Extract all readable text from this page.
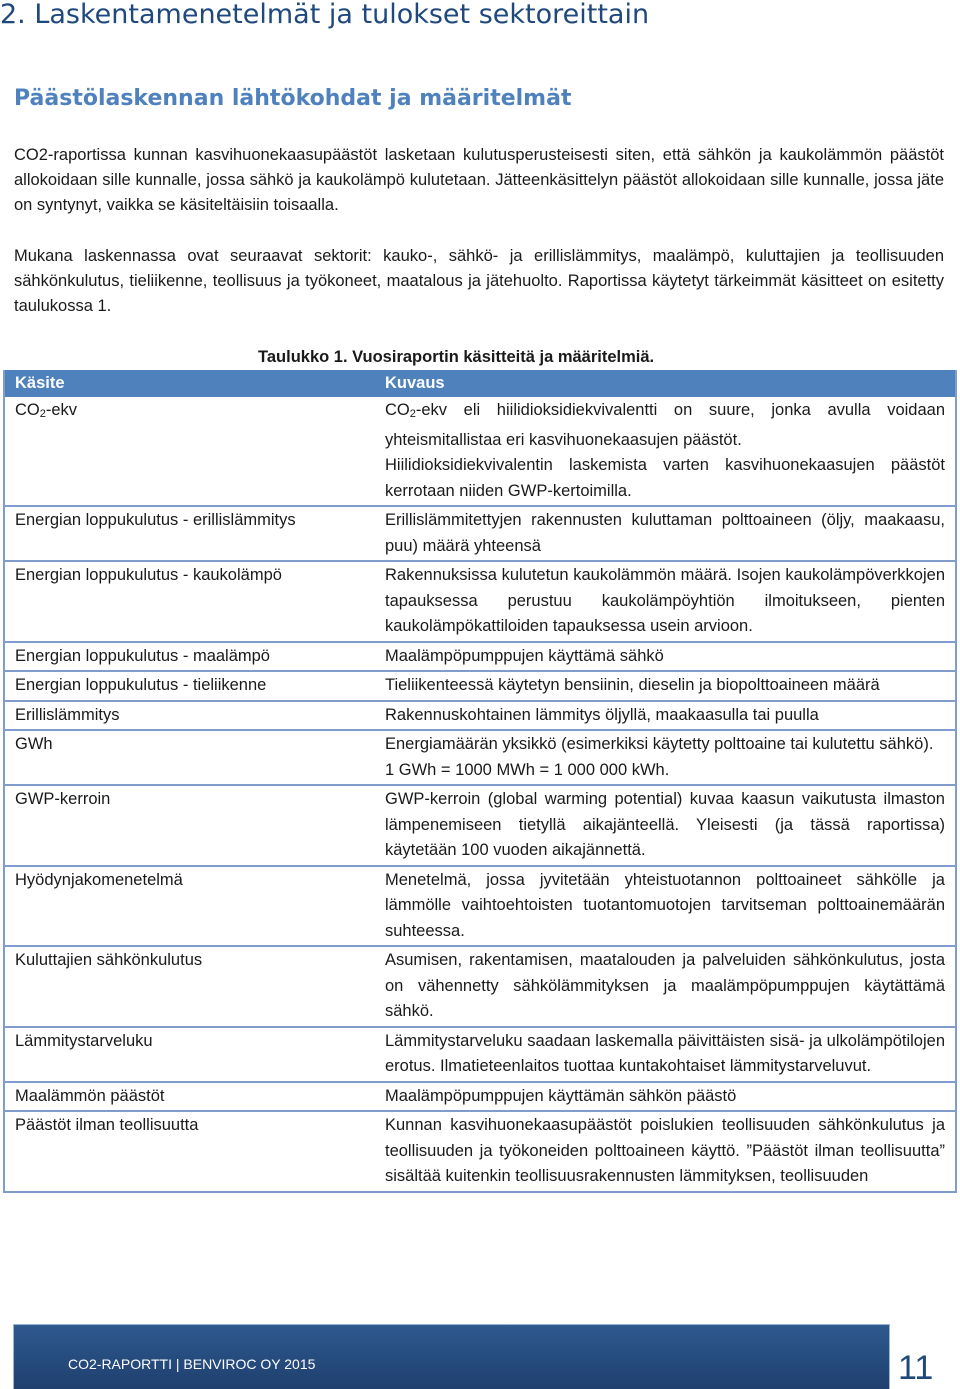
2. Laskentamenetelmät ja tulokset sektoreittain
Päästölaskennan lähtökohdat ja määritelmät

CO2-raportissa kunnan kasvihuonekaasupäästöt lasketaan kulutusperusteisesti siten, että sähkön ja kaukolämmön päästöt allokoidaan sille kunnalle, jossa sähkö ja kaukolämpö kulutetaan. Jätteenkäsittelyn päästöt allokoidaan sille kunnalle, jossa jäte on syntynyt, vaikka se käsiteltäisiin toisaalla.

Mukana laskennassa ovat seuraavat sektorit: kauko-, sähkö- ja erillislämmitys, maalämpö, kuluttajien ja teollisuuden sähkönkulutus, tieliikenne, teollisuus ja työkoneet, maatalous ja jätehuolto. Raportissa käytetyt tärkeimmät käsitteet on esitetty taulukossa 1.

Taulukko 1. Vuosiraportin käsitteitä ja määritelmiä.
Käsite	Kuvaus
CO2-ekv	CO2-ekv eli hiilidioksidiekvivalentti on suure, jonka avulla voidaan yhteismitallistaa eri kasvihuonekaasujen päästöt.
Hiilidioksidiekvivalentin laskemista varten kasvihuonekaasujen päästöt kerrotaan niiden GWP-kertoimilla.

Energian loppukulutus - erillislämmitys	Erillislämmitettyjen rakennusten kuluttaman polttoaineen (öljy, maakaasu, puu) määrä yhteensä
Energian loppukulutus - kaukolämpö	Rakennuksissa kulutetun kaukolämmön määrä. Isojen kaukolämpöverkkojen tapauksessa perustuu kaukolämpöyhtiön ilmoitukseen, pienten kaukolämpökattiloiden tapauksessa usein arvioon.
Energian loppukulutus - maalämpö	Maalämpöpumppujen käyttämä sähkö
Energian loppukulutus - tieliikenne	Tieliikenteessä käytetyn bensiinin, dieselin ja biopolttoaineen määrä
Erillislämmitys	Rakennuskohtainen lämmitys öljyllä, maakaasulla tai puulla
GWh	Energiamäärän yksikkö (esimerkiksi käytetty polttoaine tai kulutettu sähkö).
1 GWh = 1000 MWh = 1 000 000 kWh.

GWP-kerroin	GWP-kerroin (global warming potential) kuvaa kaasun vaikutusta ilmaston lämpenemiseen tietyllä aikajänteellä. Yleisesti (ja tässä raportissa) käytetään 100 vuoden aikajännettä.
Hyödynjakomenetelmä	Menetelmä, jossa jyvitetään yhteistuotannon polttoaineet sähkölle ja lämmölle vaihtoehtoisten tuotantomuotojen tarvitseman polttoainemäärän suhteessa.
Kuluttajien sähkönkulutus	Asumisen, rakentamisen, maatalouden ja palveluiden sähkönkulutus, josta on vähennetty sähkölämmityksen ja maalämpöpumppujen käytättämä sähkö.
Lämmitystarveluku	Lämmitystarveluku saadaan laskemalla päivittäisten sisä- ja ulkolämpötilojen erotus. Ilmatieteenlaitos tuottaa kuntakohtaiset lämmitystarveluvut.
Maalämmön päästöt	Maalämpöpumppujen käyttämän sähkön päästö
Päästöt ilman teollisuutta	Kunnan kasvihuonekaasupäästöt poislukien teollisuuden sähkönkulutus ja teollisuuden ja työkoneiden polttoaineen käyttö. ”Päästöt ilman teollisuutta” sisältää kuitenkin teollisuusrakennusten lämmityksen, teollisuuden
CO2-RAPORTTI | BENVIROC OY 2015	11
